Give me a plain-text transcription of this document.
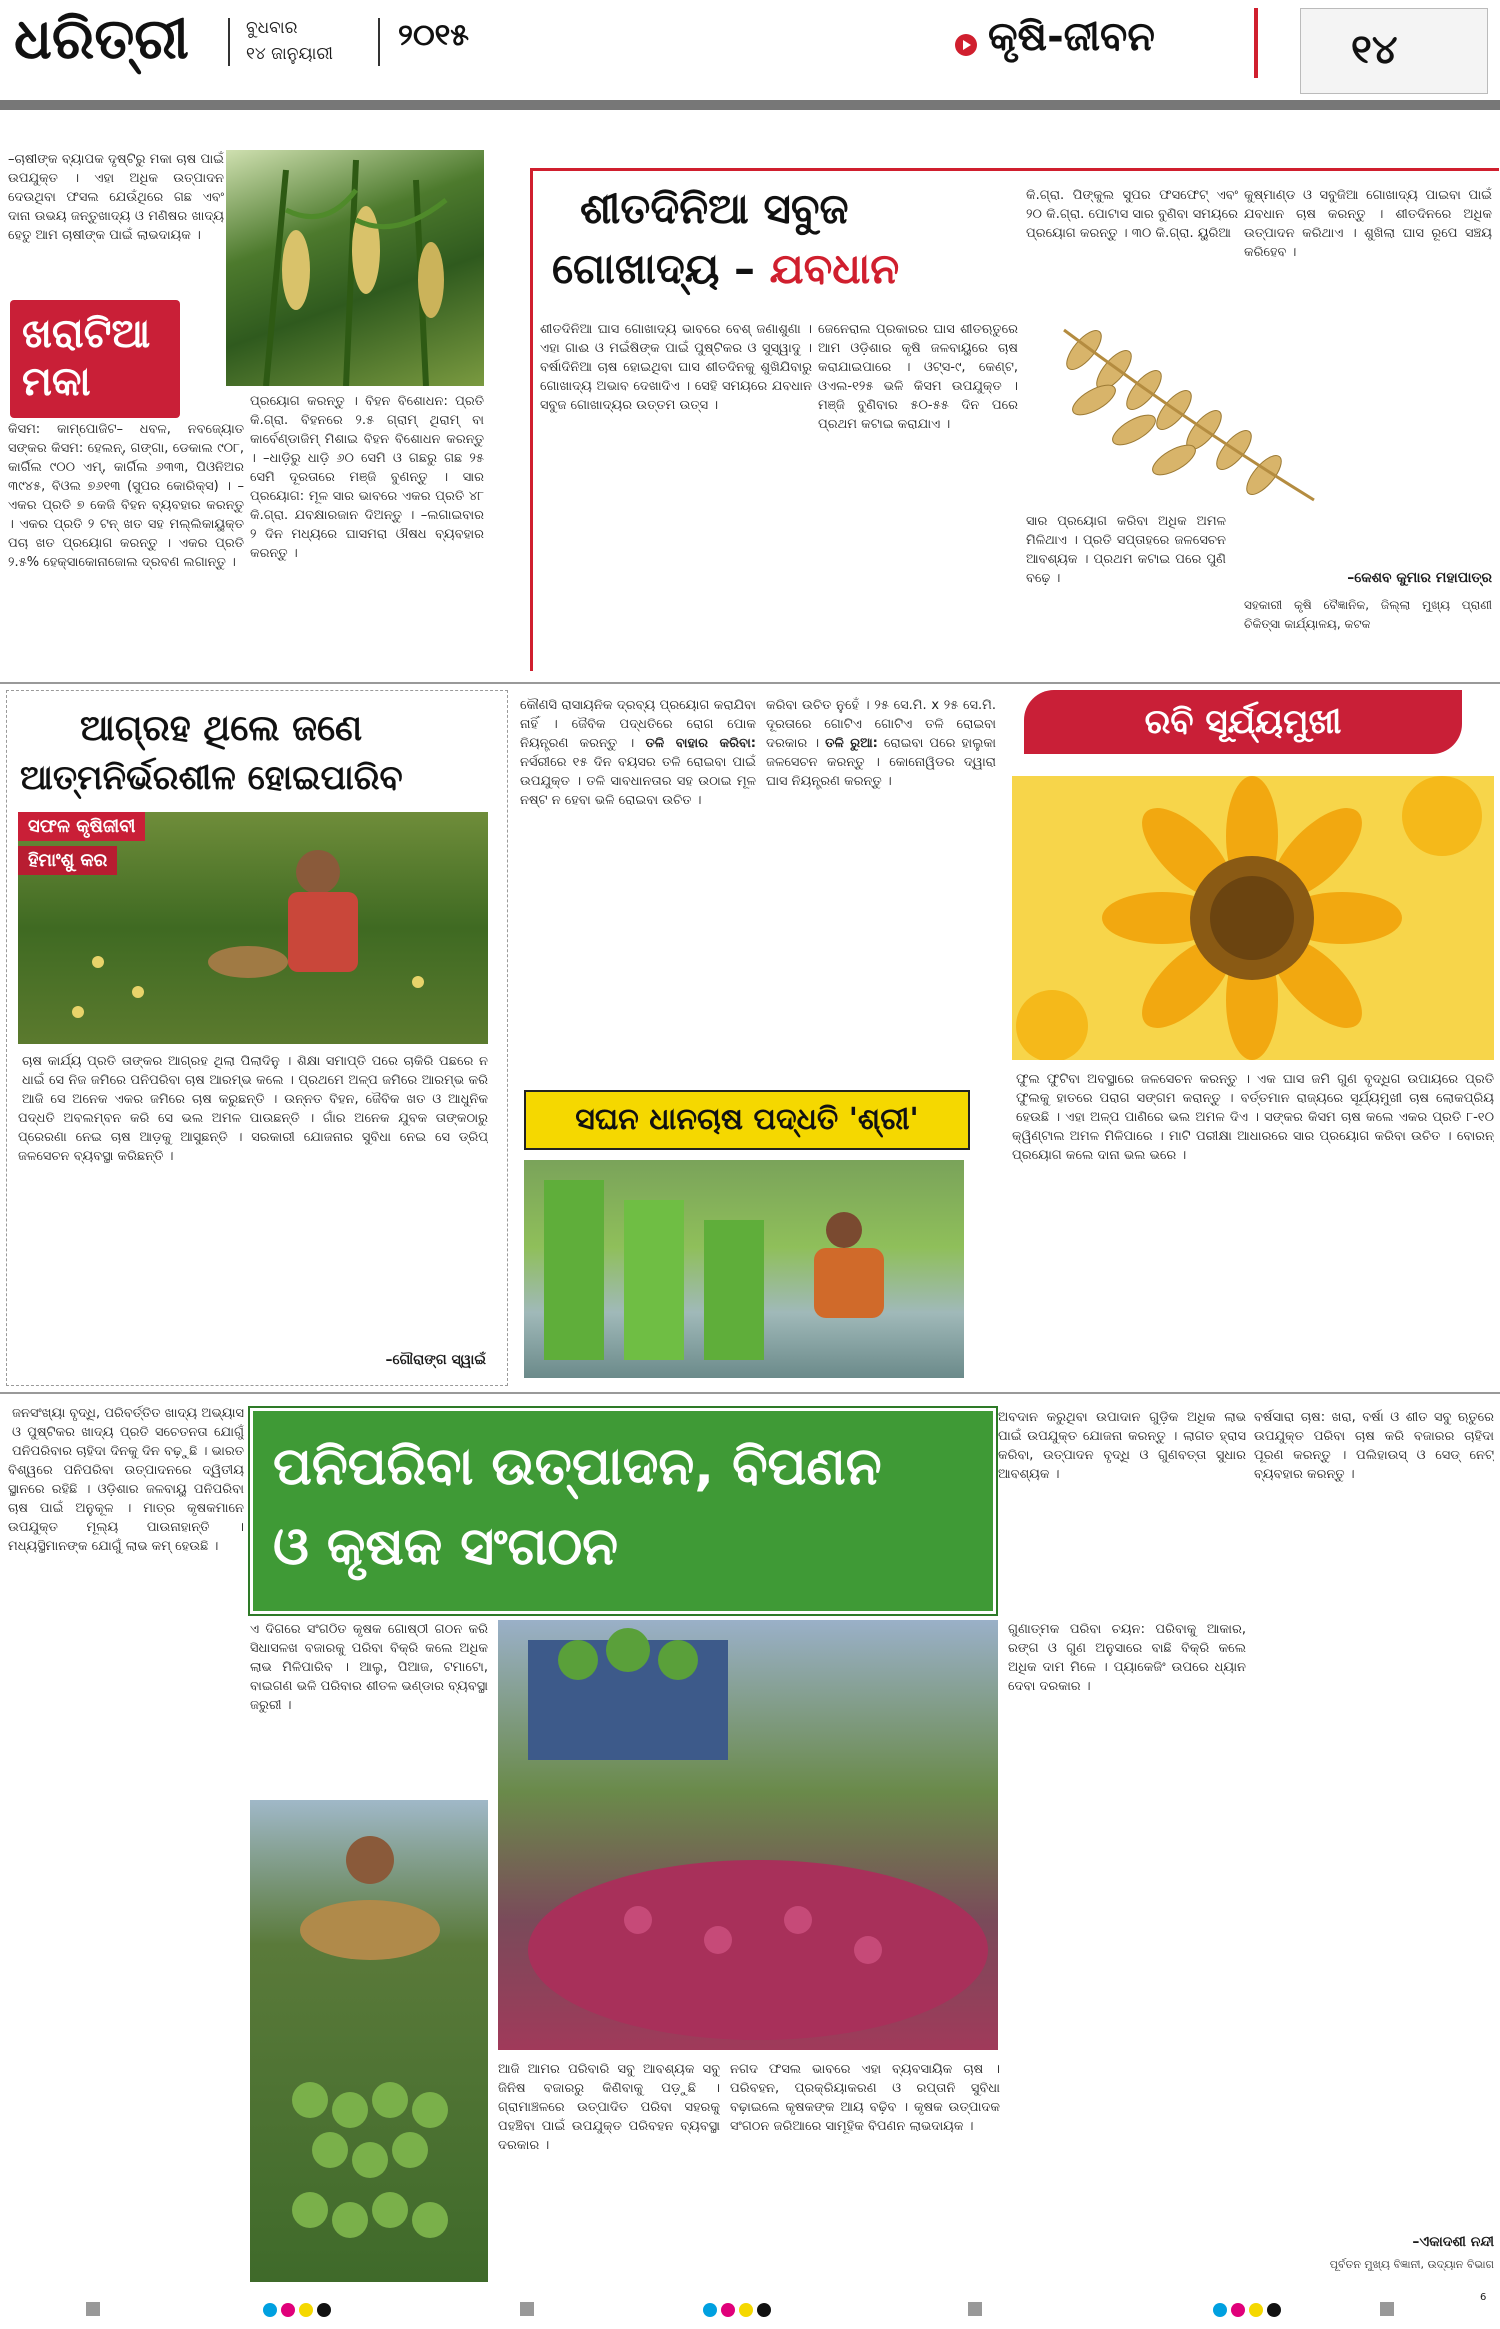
ଧରିତ୍ରୀ	ବୁଧବାର
୧୪ ଜାନୁୟାରୀ
୨୦୧୫	କୃଷି-ଜୀବନ	୧୪
–ଚାଷୀଙ୍କ ବ୍ୟାପକ ଦୃଷ୍ଟିରୁ ମକା ଚାଷ ପାଇଁ ଉପଯୁକ୍ତ । ଏହା ଅଧିକ ଉତ୍ପାଦନ ଦେଉଥିବା ଫସଲ ଯେଉଁଥିରେ ଗଛ ଏବଂ ଦାନା ଉଭୟ ଜନ୍ତୁଖାଦ୍ୟ ଓ ମଣିଷର ଖାଦ୍ୟ ହେତୁ ଆମ ଚାଷୀଙ୍କ ପାଇଁ ଲାଭଦାୟକ ।
ଖରାଟିଆ ମକା
କିସମ: କାମ୍ପୋଜିଟ– ଧବଳ, ନବଜ୍ୟୋତ ସଙ୍କର କିସମ: ହେଲନ୍, ଗଙ୍ଗା, ଡେକାଲ ୯୦୮, କାର୍ଗିଲ ୯୦୦ ଏମ୍, କାର୍ଗିଲ ୬୩୩, ପିଓନିଅର ୩୯୪୫, ବିଓଲ ୭୬୧୩ (ସୁପର କୋରିକ୍ସ) । –ଏକର ପ୍ରତି ୭ କେଜି ବିହନ ବ୍ୟବହାର କରନ୍ତୁ । ଏକର ପ୍ରତି ୨ ଟନ୍ ଖତ ସହ ମଲ୍ଲିକାୟୁକ୍ତ ପଚା ଖତ ପ୍ରୟୋଗ କରନ୍ତୁ । ଏକର ପ୍ରତି ୨.୫% ହେକ୍ସାକୋନାଜୋଲ ଦ୍ରବଣ ଲଗାନ୍ତୁ ।
ପ୍ରୟୋଗ କରନ୍ତୁ । ବିହନ ବିଶୋଧନ: ପ୍ରତି କି.ଗ୍ରା. ବିହନରେ ୨.୫ ଗ୍ରାମ୍ ଥିରାମ୍ ବା କାର୍ବେଣ୍ଡାଜିମ୍ ମିଶାଇ ବିହନ ବିଶୋଧନ କରନ୍ତୁ । –ଧାଡ଼ିରୁ ଧାଡ଼ି ୬୦ ସେମି ଓ ଗଛରୁ ଗଛ ୨୫ ସେମି ଦୂରତାରେ ମଞ୍ଜି ବୁଣନ୍ତୁ । ସାର ପ୍ରୟୋଗ: ମୂଳ ସାର ଭାବରେ ଏକର ପ୍ରତି ୪୮ କି.ଗ୍ରା. ଯବକ୍ଷାରଜାନ ଦିଅନ୍ତୁ । –ଲଗାଇବାର ୨ ଦିନ ମଧ୍ୟରେ ଘାସମରା ଔଷଧ ବ୍ୟବହାର କରନ୍ତୁ ।
ଶୀତଦିନିଆ ସବୁଜ
ଗୋଖାଦ୍ୟ – ଯବଧାନ
ଶୀତଦିନିଆ ଘାସ ଗୋଖାଦ୍ୟ ଭାବରେ ବେଶ୍ ଜଣାଶୁଣା । ଏହା ଗାଈ ଓ ମଇଁଷିଙ୍କ ପାଇଁ ପୁଷ୍ଟିକର ଓ ସୁସ୍ୱାଦୁ । ବର୍ଷାଦିନିଆ ଚାଷ ହୋଇଥିବା ଘାସ ଶୀତଦିନକୁ ଶୁଖିଯିବାରୁ ଗୋଖାଦ୍ୟ ଅଭାବ ଦେଖାଦିଏ । ସେହି ସମୟରେ ଯବଧାନ ସବୁଜ ଗୋଖାଦ୍ୟର ଉତ୍ତମ ଉତ୍ସ ।
ଜେନେରାଲ ପ୍ରକାରର ଘାସ ଶୀତଋତୁରେ ଆମ ଓଡ଼ିଶାର କୃଷି ଜଳବାୟୁରେ ଚାଷ କରାଯାଇପାରେ । ଓଟ୍‌ସ-୯, କେଣ୍ଟ, ଓଏଲ-୧୨୫ ଭଳି କିସମ ଉପଯୁକ୍ତ । ମଞ୍ଜି ବୁଣିବାର ୫୦-୫୫ ଦିନ ପରେ ପ୍ରଥମ କଟାଇ କରାଯାଏ ।
କି.ଗ୍ରା. ପିଙ୍କୁଲ ସୁପର ଫସଫେଟ୍ ଏବଂ ୨୦ କି.ଗ୍ରା. ପୋଟାସ ସାର ବୁଣିବା ସମୟରେ ପ୍ରୟୋଗ କରନ୍ତୁ । ୩୦ କି.ଗ୍ରା. ୟୁରିଆ
ସାର ପ୍ରୟୋଗ କରିବା ଅଧିକ ଅମଳ ମିଳିଥାଏ । ପ୍ରତି ସପ୍ତାହରେ ଜଳସେଚନ ଆବଶ୍ୟକ । ପ୍ରଥମ କଟାଇ ପରେ ପୁଣି ବଢ଼େ ।
କୁଷ୍ମାଣ୍ଡ ଓ ସବୁଜିଆ ଗୋଖାଦ୍ୟ ପାଇବା ପାଇଁ ଯବଧାନ ଚାଷ କରନ୍ତୁ । ଶୀତଦିନରେ ଅଧିକ ଉତ୍ପାଦନ କରିଥାଏ । ଶୁଖିଲା ଘାସ ରୂପେ ସଞ୍ଚୟ କରିହେବ ।
–କେଶବ କୁମାର ମହାପାତ୍ର
ସହକାରୀ କୃଷି ବୈଜ୍ଞାନିକ, ଜିଲ୍ଲା ମୁଖ୍ୟ ପ୍ରାଣୀ ଚିକିତ୍ସା କାର୍ଯ୍ୟାଳୟ, କଟକ
ଆଗ୍ରହ ଥିଲେ ଜଣେ
ଆତ୍ମନିର୍ଭରଶୀଳ ହୋଇପାରିବ
ସଫଳ କୃଷିଜୀବୀ
ହିମାଂଶୁ କର
ଚାଷ କାର୍ଯ୍ୟ ପ୍ରତି ତାଙ୍କର ଆଗ୍ରହ ଥିଲା ପିଲାଦିନୁ । ଶିକ୍ଷା ସମାପ୍ତି ପରେ ଚାକିରି ପଛରେ ନ ଧାଇଁ ସେ ନିଜ ଜମିରେ ପନିପରିବା ଚାଷ ଆରମ୍ଭ କଲେ । ପ୍ରଥମେ ଅଳ୍ପ ଜମିରେ ଆରମ୍ଭ କରି ଆଜି ସେ ଅନେକ ଏକର ଜମିରେ ଚାଷ କରୁଛନ୍ତି । ଉନ୍ନତ ବିହନ, ଜୈବିକ ଖତ ଓ ଆଧୁନିକ ପଦ୍ଧତି ଅବଲମ୍ବନ କରି ସେ ଭଲ ଅମଳ ପାଉଛନ୍ତି । ଗାଁର ଅନେକ ଯୁବକ ତାଙ୍କଠାରୁ ପ୍ରେରଣା ନେଇ ଚାଷ ଆଡ଼କୁ ଆସୁଛନ୍ତି । ସରକାରୀ ଯୋଜନାର ସୁବିଧା ନେଇ ସେ ଡ୍ରିପ୍ ଜଳସେଚନ ବ୍ୟବସ୍ଥା କରିଛନ୍ତି ।
–ଗୌରାଙ୍ଗ ସ୍ୱାଇଁ
କୌଣସି ରାସାୟନିକ ଦ୍ରବ୍ୟ ପ୍ରୟୋଗ କରାଯିବା ନାହିଁ । ଜୈବିକ ପଦ୍ଧତିରେ ରୋଗ ପୋକ ନିୟନ୍ତ୍ରଣ କରନ୍ତୁ । ତଳି ବାହାର କରିବା: ନର୍ସରୀରେ ୧୫ ଦିନ ବୟସର ତଳି ରୋଇବା ପାଇଁ ଉପଯୁକ୍ତ । ତଳି ସାବଧାନତାର ସହ ଉଠାଇ ମୂଳ ନଷ୍ଟ ନ ହେବା ଭଳି ରୋଇବା ଉଚିତ ।
କରିବା ଉଚିତ ନୁହେଁ । ୨୫ ସେ.ମି. x ୨୫ ସେ.ମି. ଦୂରତାରେ ଗୋଟିଏ ଗୋଟିଏ ତଳି ରୋଇବା ଦରକାର । ତଳି ରୁଆ: ରୋଇବା ପରେ ହାଲୁକା ଜଳସେଚନ କରନ୍ତୁ । କୋନୋୱିଡର ଦ୍ୱାରା ଘାସ ନିୟନ୍ତ୍ରଣ କରନ୍ତୁ ।
ସଘନ ଧାନଚାଷ ପଦ୍ଧତି 'ଶ୍ରୀ'
ରବି ସୂର୍ଯ୍ୟମୁଖୀ
ଫୁଲ ଫୁଟିବା ଅବସ୍ଥାରେ ଜଳସେଚନ କରନ୍ତୁ । ଏକ ଘାସ ଜମି ଗୁଣ ବୃଦ୍ଧିଗ ଉପାୟରେ ପ୍ରତି ଫୁଲକୁ ହାତରେ ପରାଗ ସଙ୍ଗମ କରାନ୍ତୁ । ବର୍ତ୍ତମାନ ରାଜ୍ୟରେ ସୂର୍ଯ୍ୟମୁଖୀ ଚାଷ ଲୋକପ୍ରିୟ ହେଉଛି । ଏହା ଅଳ୍ପ ପାଣିରେ ଭଲ ଅମଳ ଦିଏ । ସଙ୍କର କିସମ ଚାଷ କଲେ ଏକର ପ୍ରତି ୮-୧୦ କ୍ୱିଣ୍ଟାଲ ଅମଳ ମିଳିପାରେ । ମାଟି ପରୀକ୍ଷା ଆଧାରରେ ସାର ପ୍ରୟୋଗ କରିବା ଉଚିତ । ବୋରନ୍ ପ୍ରୟୋଗ କଲେ ଦାନା ଭଲ ଭରେ ।
ପନିପରିବା ଉତ୍ପାଦନ, ବିପଣନ
ଓ କୃଷକ ସଂଗଠନ
ଜନସଂଖ୍ୟା ବୃଦ୍ଧି, ପରିବର୍ତ୍ତିତ ଖାଦ୍ୟ ଅଭ୍ୟାସ ଓ ପୁଷ୍ଟିକର ଖାଦ୍ୟ ପ୍ରତି ସଚେତନତା ଯୋଗୁଁ ପନିପରିବାର ଚାହିଦା ଦିନକୁ ଦିନ ବଢ଼ୁଛି । ଭାରତ ବିଶ୍ୱରେ ପନିପରିବା ଉତ୍ପାଦନରେ ଦ୍ୱିତୀୟ ସ୍ଥାନରେ ରହିଛି । ଓଡ଼ିଶାର ଜଳବାୟୁ ପନିପରିବା ଚାଷ ପାଇଁ ଅନୁକୂଳ । ମାତ୍ର କୃଷକମାନେ ଉପଯୁକ୍ତ ମୂଲ୍ୟ ପାଉନାହାନ୍ତି । ମଧ୍ୟସ୍ଥିମାନଙ୍କ ଯୋଗୁଁ ଲାଭ କମ୍ ହେଉଛି ।
ଏ ଦିଗରେ ସଂଗଠିତ କୃଷକ ଗୋଷ୍ଠୀ ଗଠନ କରି ସିଧାସଳଖ ବଜାରକୁ ପରିବା ବିକ୍ରି କଲେ ଅଧିକ ଲାଭ ମିଳିପାରିବ । ଆଲୁ, ପିଆଜ, ଟମାଟୋ, ବାଇଗଣ ଭଳି ପରିବାର ଶୀତଳ ଭଣ୍ଡାର ବ୍ୟବସ୍ଥା ଜରୁରୀ ।
ଆଜି ଆମର ପରିବାରି ସବୁ ଆବଶ୍ୟକ ସବୁ ଜିନିଷ ବଜାରରୁ କିଣିବାକୁ ପଡ଼ୁଛି । ଗ୍ରାମାଞ୍ଚଳରେ ଉତ୍ପାଦିତ ପରିବା ସହରକୁ ପହଞ୍ଚିବା ପାଇଁ ଉପଯୁକ୍ତ ପରିବହନ ବ୍ୟବସ୍ଥା ଦରକାର ।
ଅବଦାନ କରୁଥିବା ଉପାଦାନ ଗୁଡ଼ିକ ଅଧିକ ଲାଭ ପାଇଁ ଉପଯୁକ୍ତ ଯୋଜନା କରନ୍ତୁ । ଲାଗତ ହ୍ରାସ କରିବା, ଉତ୍ପାଦନ ବୃଦ୍ଧି ଓ ଗୁଣବତ୍ତା ସୁଧାର ଆବଶ୍ୟକ ।
ଗୁଣାତ୍ମକ ପରିବା ଚୟନ: ପରିବାକୁ ଆକାର, ରଙ୍ଗ ଓ ଗୁଣ ଅନୁସାରେ ବାଛି ବିକ୍ରି କଲେ ଅଧିକ ଦାମ ମିଳେ । ପ୍ୟାକେଜିଂ ଉପରେ ଧ୍ୟାନ ଦେବା ଦରକାର ।
ବର୍ଷସାରା ଚାଷ: ଖରା, ବର୍ଷା ଓ ଶୀତ ସବୁ ଋତୁରେ ଉପଯୁକ୍ତ ପରିବା ଚାଷ କରି ବଜାରର ଚାହିଦା ପୂରଣ କରନ୍ତୁ । ପଲିହାଉସ୍ ଓ ସେଡ୍ ନେଟ୍ ବ୍ୟବହାର କରନ୍ତୁ ।
ନଗଦ ଫସଲ ଭାବରେ ଏହା ବ୍ୟବସାୟିକ ଚାଷ । ପରିବହନ, ପ୍ରକ୍ରିୟାକରଣ ଓ ରପ୍ତାନି ସୁବିଧା ବଢ଼ାଇଲେ କୃଷକଙ୍କ ଆୟ ବଢ଼ିବ । କୃଷକ ଉତ୍ପାଦକ ସଂଗଠନ ଜରିଆରେ ସାମୂହିକ ବିପଣନ ଲାଭଦାୟକ ।
–ଏକାଦଶୀ ନନ୍ଦୀ
ପୂର୍ବତନ ମୁଖ୍ୟ ବିଜ୍ଞାନୀ, ଉଦ୍ୟାନ ବିଭାଗ
6
